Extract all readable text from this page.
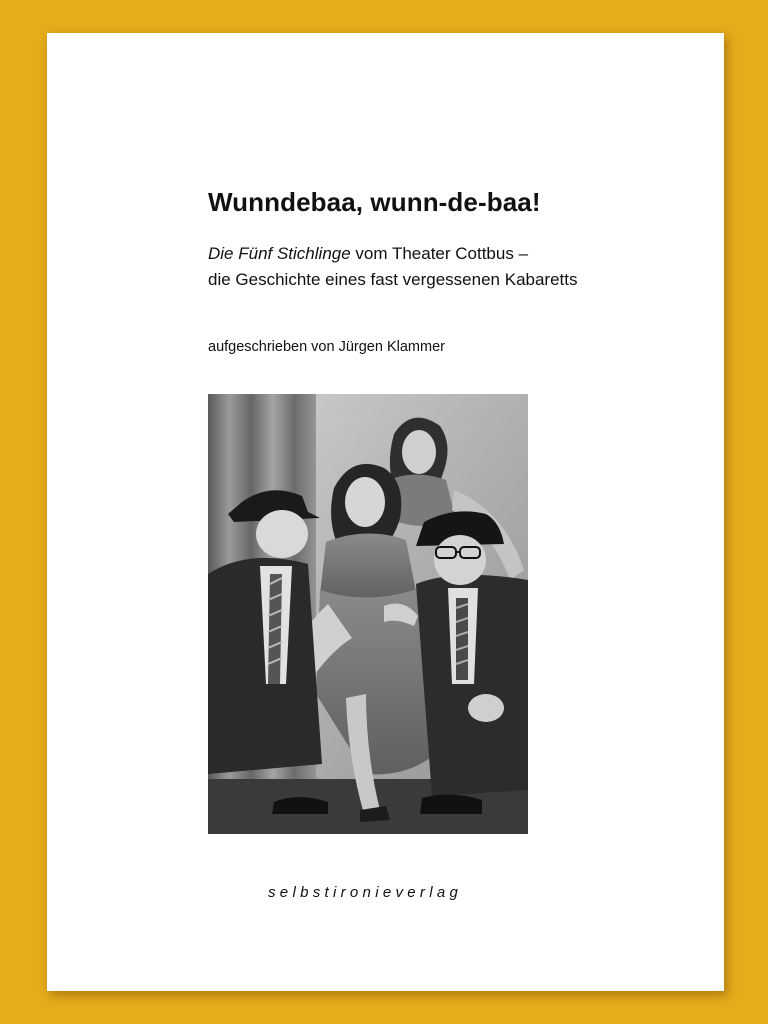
Wunndebaa, wunn-de-baa!

Die Fünf Stichlinge vom Theater Cottbus –
die Geschichte eines fast vergessenen Kabaretts

aufgeschrieben von Jürgen Klammer

selbstironieverlag
